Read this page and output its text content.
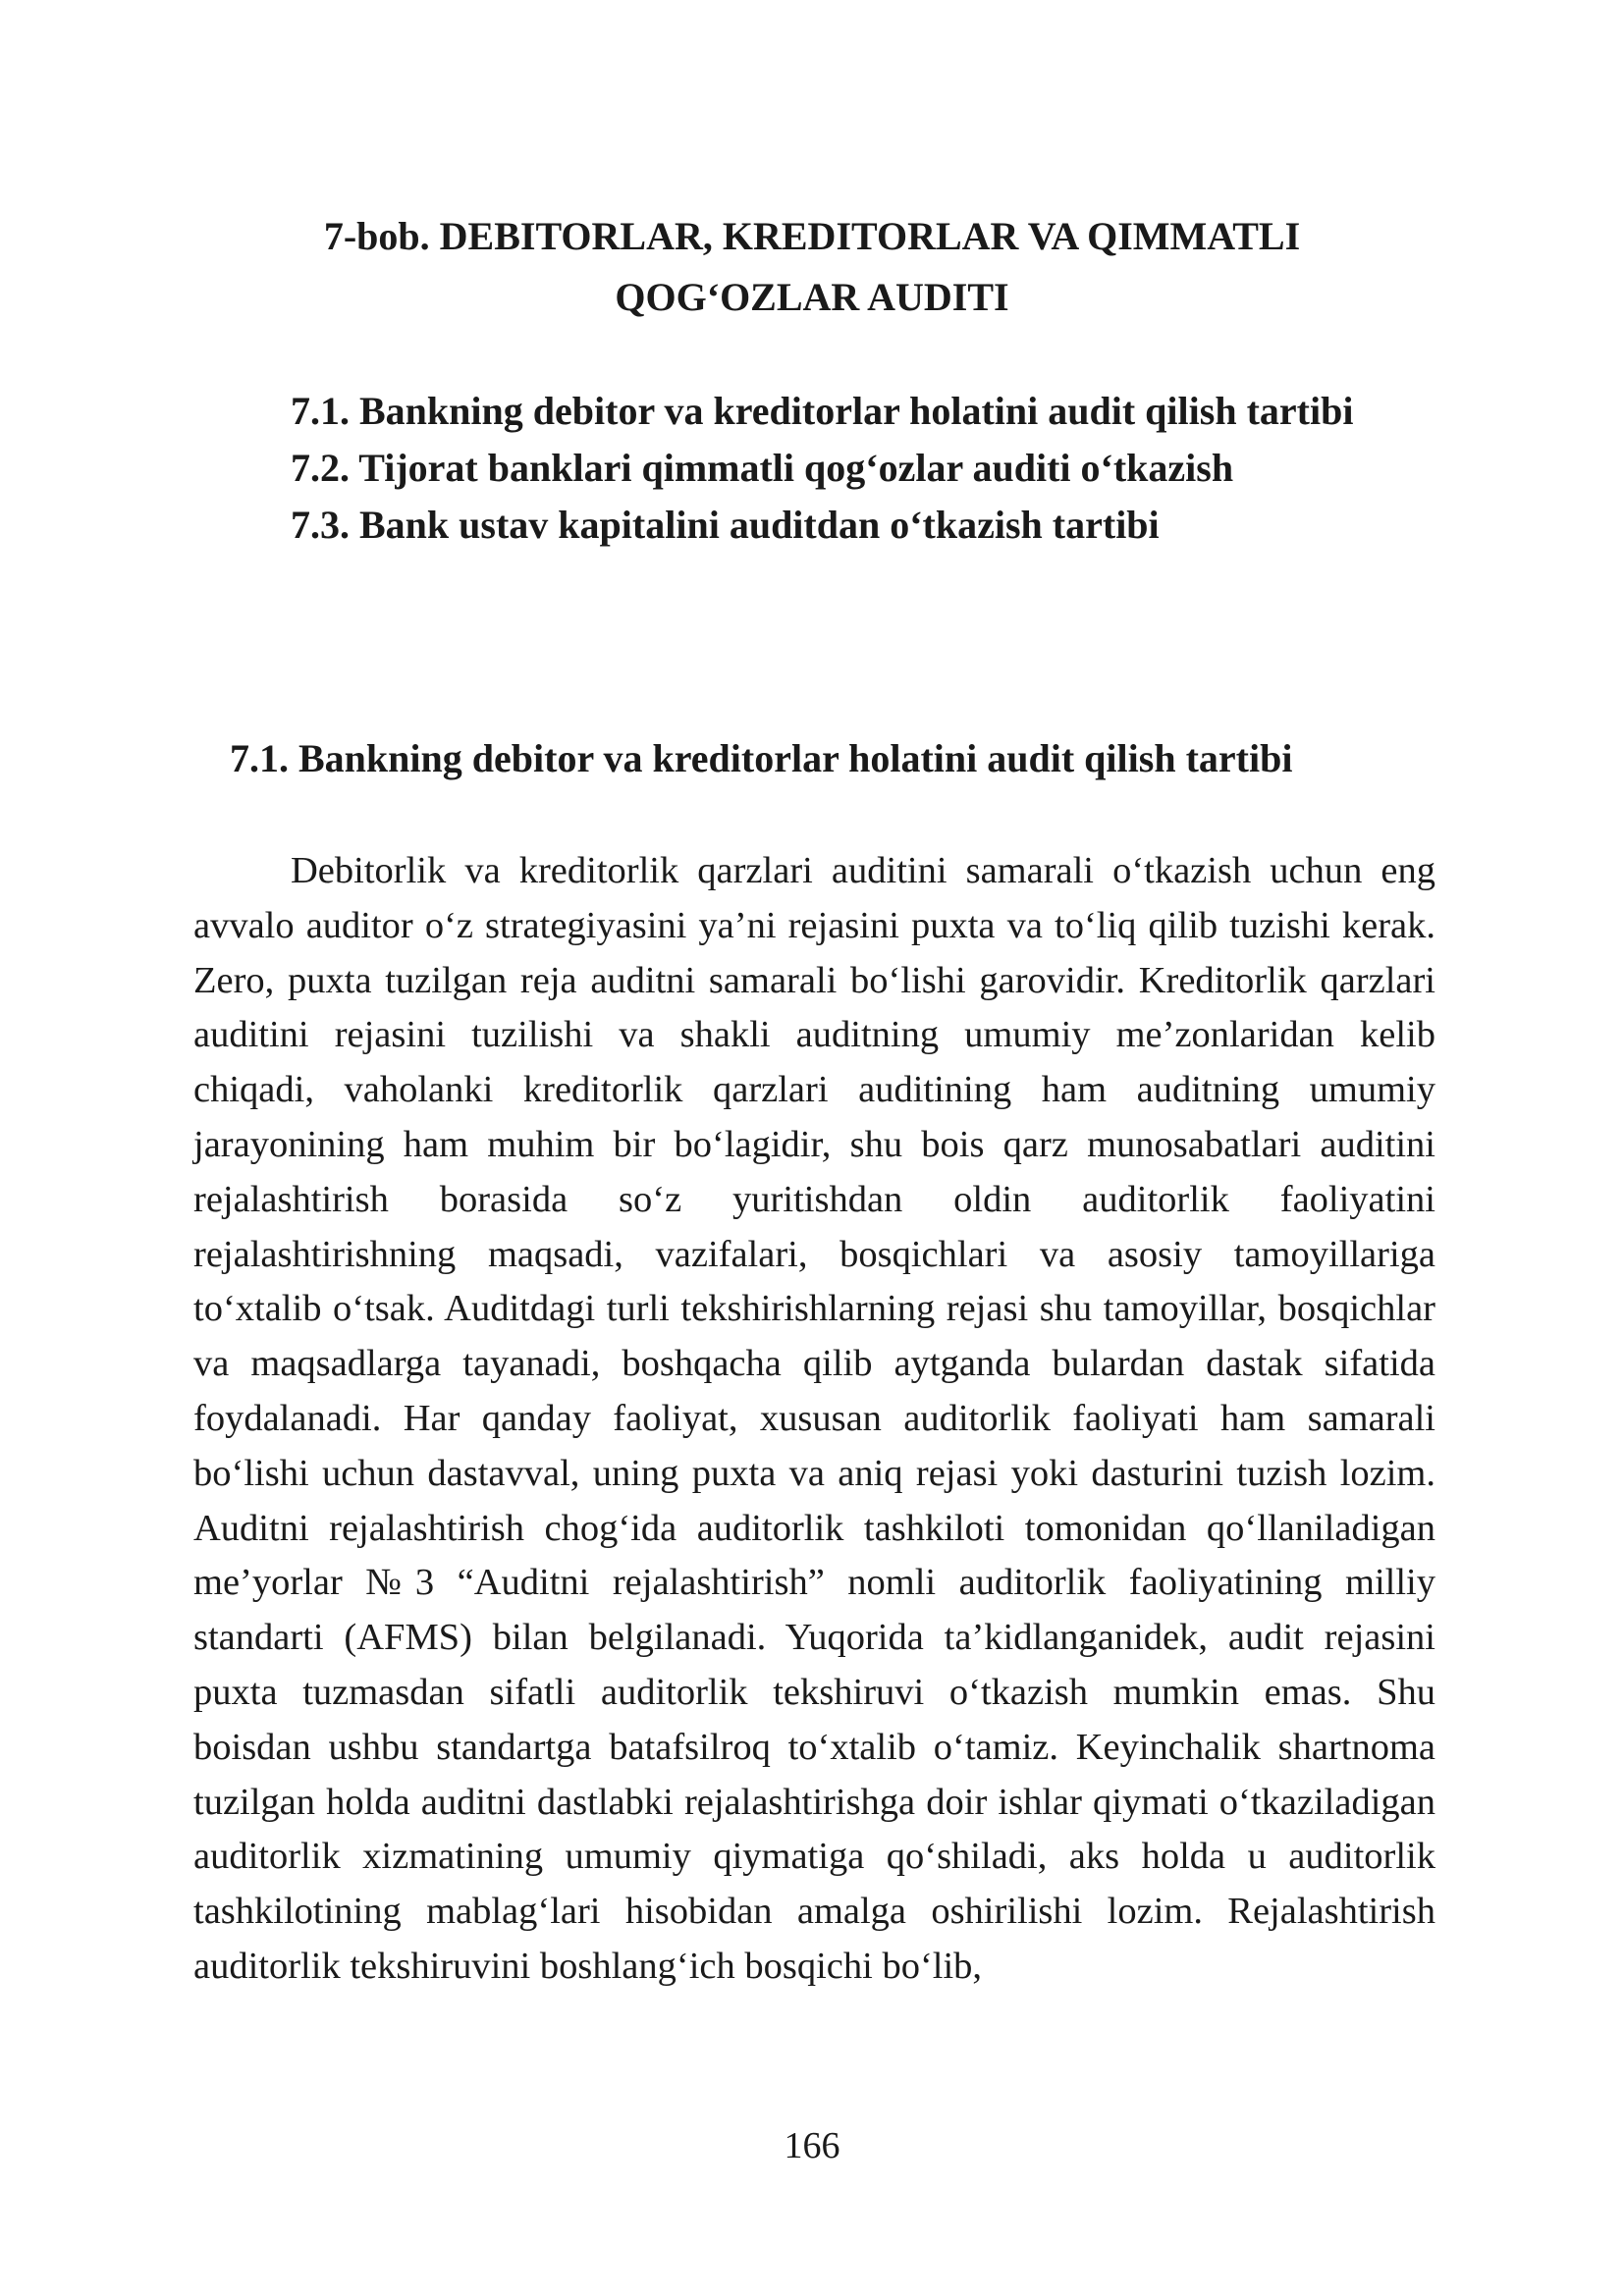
7-bob. DEBITORLAR, KREDITORLAR VA QIMMATLI
QOG‘OZLAR AUDITI
7.1. Bankning debitor va kreditorlar holatini audit qilish tartibi
7.2. Tijorat banklari qimmatli qog‘ozlar auditi o‘tkazish
7.3. Bank ustav kapitalini auditdan o‘tkazish tartibi
7.1. Bankning debitor va kreditorlar holatini audit qilish tartibi

Debitorlik va kreditorlik qarzlari auditini samarali o‘tkazish uchun eng avvalo auditor o‘z strategiyasini ya’ni rejasini puxta va to‘liq qilib tuzishi kerak. Zero, puxta tuzilgan reja auditni samarali bo‘lishi garovidir. Kreditorlik qarzlari auditini rejasini tuzilishi va shakli auditning umumiy me’zonlaridan kelib chiqadi, vaholanki kreditorlik qarzlari auditining ham auditning umumiy jarayonining ham muhim bir bo‘lagidir, shu bois qarz munosabatlari auditini rejalashtirish borasida so‘z yuritishdan oldin auditorlik faoliyatini rejalashtirishning maqsadi, vazifalari, bosqichlari va asosiy tamoyillariga to‘xtalib o‘tsak. Auditdagi turli tekshirishlarning rejasi shu tamoyillar, bosqichlar va maqsadlarga tayanadi, boshqacha qilib aytganda bulardan dastak sifatida foydalanadi. Har qanday faoliyat, xususan auditorlik faoliyati ham samarali bo‘lishi uchun dastavval, uning puxta va aniq rejasi yoki dasturini tuzish lozim. Auditni rejalashtirish chog‘ida auditorlik tashkiloti tomonidan qo‘llaniladigan me’yorlar №3 “Auditni rejalashtirish” nomli auditorlik faoliyatining milliy standarti (AFMS) bilan belgilanadi. Yuqorida ta’kidlanganidek, audit rejasini puxta tuzmasdan sifatli auditorlik tekshiruvi o‘tkazish mumkin emas. Shu boisdan ushbu standartga batafsilroq to‘xtalib o‘tamiz. Keyinchalik shartnoma tuzilgan holda auditni dastlabki rejalashtirishga doir ishlar qiymati o‘tkaziladigan auditorlik xizmatining umumiy qiymatiga qo‘shiladi, aks holda u auditorlik tashkilotining mablag‘lari hisobidan amalga oshirilishi lozim. Rejalashtirish auditorlik tekshiruvini boshlang‘ich bosqichi bo‘lib,

166
